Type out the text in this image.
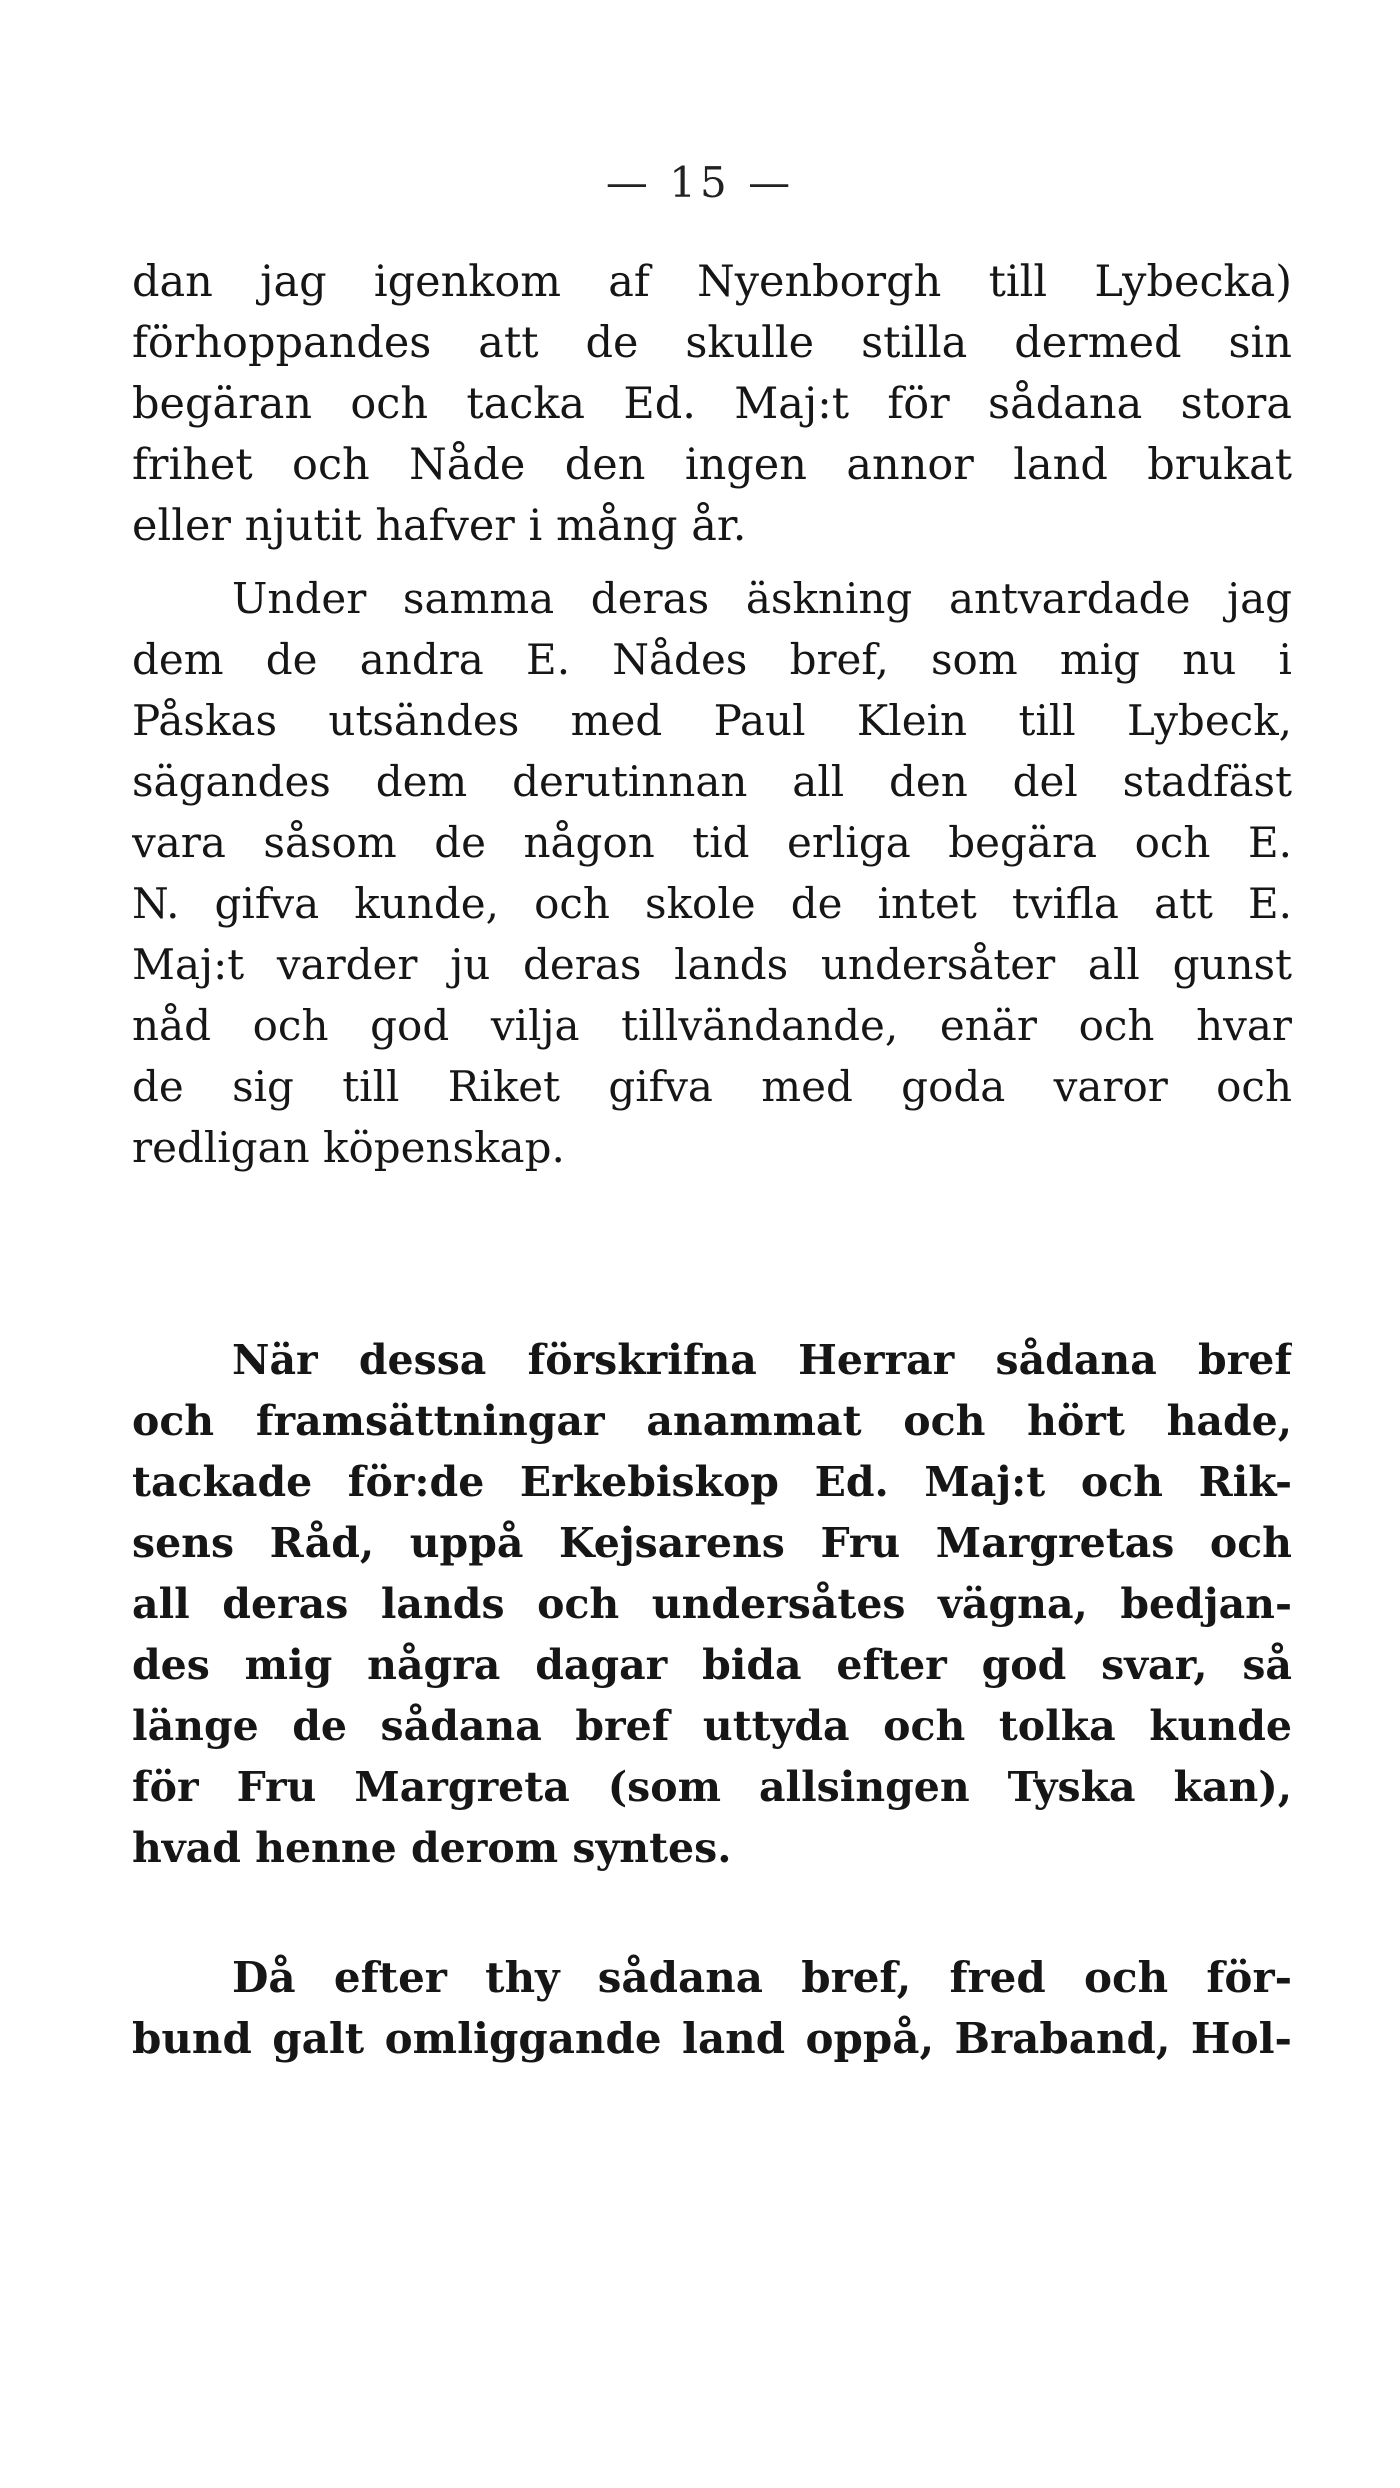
— 15 —
dan jag igenkom af Nyenborgh till Lybecka)
förhoppandes att de skulle stilla dermed sin
begäran och tacka Ed. Maj:t för sådana stora
frihet och Nåde den ingen annor land brukat
eller njutit hafver i mång år.
Under samma deras äskning antvardade jag
dem de andra E. Nådes bref, som mig nu i
Påskas utsändes med Paul Klein till Lybeck,
sägandes dem derutinnan all den del stadfäst
vara såsom de någon tid erliga begära och E.
N. gifva kunde, och skole de intet tvifla att E.
Maj:t varder ju deras lands undersåter all gunst
nåd och god vilja tillvändande, enär och hvar
de sig till Riket gifva med goda varor och
redligan köpenskap.
När dessa förskrifna Herrar sådana bref
och framsättningar anammat och hört hade,
tackade för:de Erkebiskop Ed. Maj:t och Rik-
sens Råd, uppå Kejsarens Fru Margretas och
all deras lands och undersåtes vägna, bedjan-
des mig några dagar bida efter god svar, så
länge de sådana bref uttyda och tolka kunde
för Fru Margreta (som allsingen Tyska kan),
hvad henne derom syntes.
Då efter thy sådana bref, fred och för-
bund galt omliggande land oppå, Braband, Hol-
